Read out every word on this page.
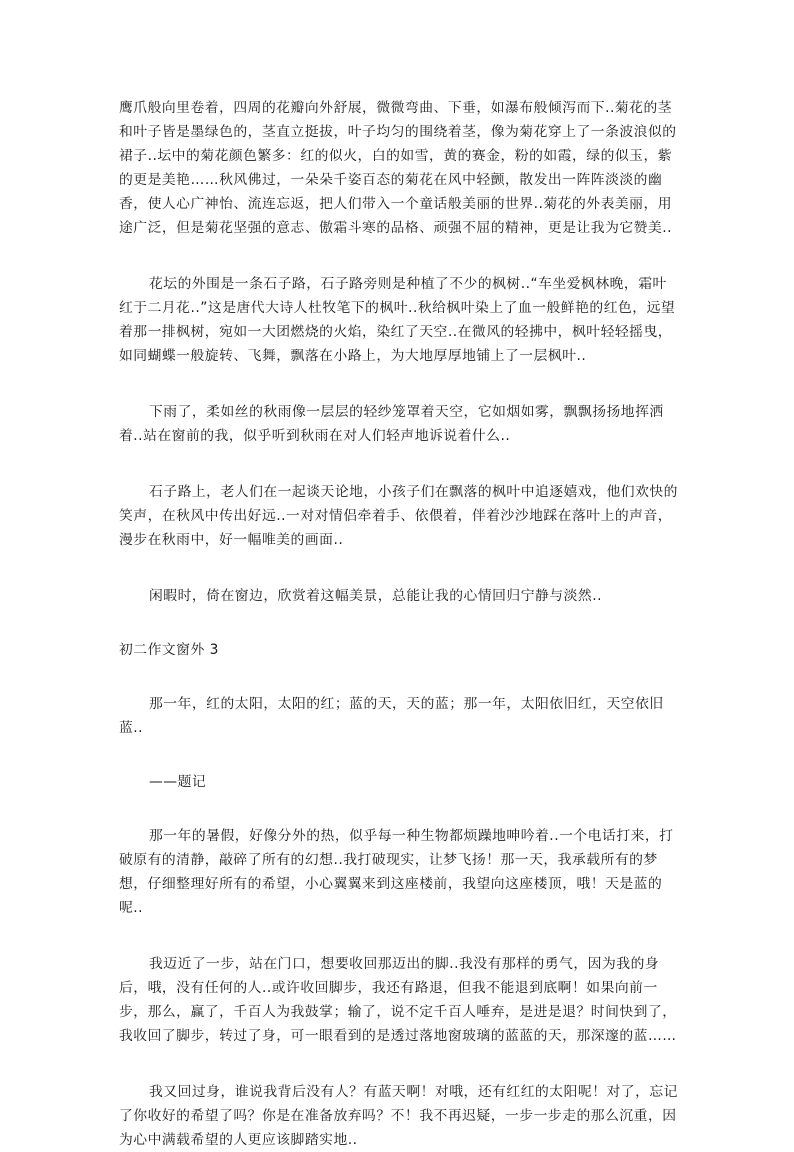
鹰爪般向里卷着，四周的花瓣向外舒展，微微弯曲、下垂，如瀑布般倾泻而下..菊花的茎和叶子皆是墨绿色的，茎直立挺拔，叶子均匀的围绕着茎，像为菊花穿上了一条波浪似的裙子..坛中的菊花颜色繁多：红的似火，白的如雪，黄的赛金，粉的如霞，绿的似玉，紫的更是美艳……秋风佛过，一朵朵千姿百态的菊花在风中轻颤，散发出一阵阵淡淡的幽香，使人心广神怡、流连忘返，把人们带入一个童话般美丽的世界..菊花的外表美丽，用途广泛，但是菊花坚强的意志、傲霜斗寒的品格、顽强不屈的精神，更是让我为它赞美..

花坛的外围是一条石子路，石子路旁则是种植了不少的枫树..“车坐爱枫林晚，霜叶红于二月花..”这是唐代大诗人杜牧笔下的枫叶..秋给枫叶染上了血一般鲜艳的红色，远望着那一排枫树，宛如一大团燃烧的火焰，染红了天空..在微风的轻拂中，枫叶轻轻摇曳，如同蝴蝶一般旋转、飞舞，飘落在小路上，为大地厚厚地铺上了一层枫叶..

下雨了，柔如丝的秋雨像一层层的轻纱笼罩着天空，它如烟如雾，飘飘扬扬地挥洒着..站在窗前的我，似乎听到秋雨在对人们轻声地诉说着什么..

石子路上，老人们在一起谈天论地，小孩子们在飘落的枫叶中追逐嬉戏，他们欢快的笑声，在秋风中传出好远..一对对情侣牵着手、依偎着，伴着沙沙地踩在落叶上的声音，漫步在秋雨中，好一幅唯美的画面..

闲暇时，倚在窗边，欣赏着这幅美景，总能让我的心情回归宁静与淡然..

初二作文窗外 3

那一年，红的太阳，太阳的红；蓝的天，天的蓝；那一年，太阳依旧红，天空依旧蓝..

——题记

那一年的暑假，好像分外的热，似乎每一种生物都烦躁地呻吟着..一个电话打来，打破原有的清静，敲碎了所有的幻想..我打破现实，让梦飞扬！那一天，我承载所有的梦想，仔细整理好所有的希望，小心翼翼来到这座楼前，我望向这座楼顶，哦！天是蓝的呢..

我迈近了一步，站在门口，想要收回那迈出的脚..我没有那样的勇气，因为我的身后，哦，没有任何的人..或许收回脚步，我还有路退，但我不能退到底啊！如果向前一步，那么，赢了，千百人为我鼓掌；输了，说不定千百人唾弃，是进是退？时间快到了，我收回了脚步，转过了身，可一眼看到的是透过落地窗玻璃的蓝蓝的天，那深邃的蓝……

我又回过身，谁说我背后没有人？有蓝天啊！对哦，还有红红的太阳呢！对了，忘记了你收好的希望了吗？你是在准备放弃吗？不！我不再迟疑，一步一步走的那么沉重，因为心中满载希望的人更应该脚踏实地..
